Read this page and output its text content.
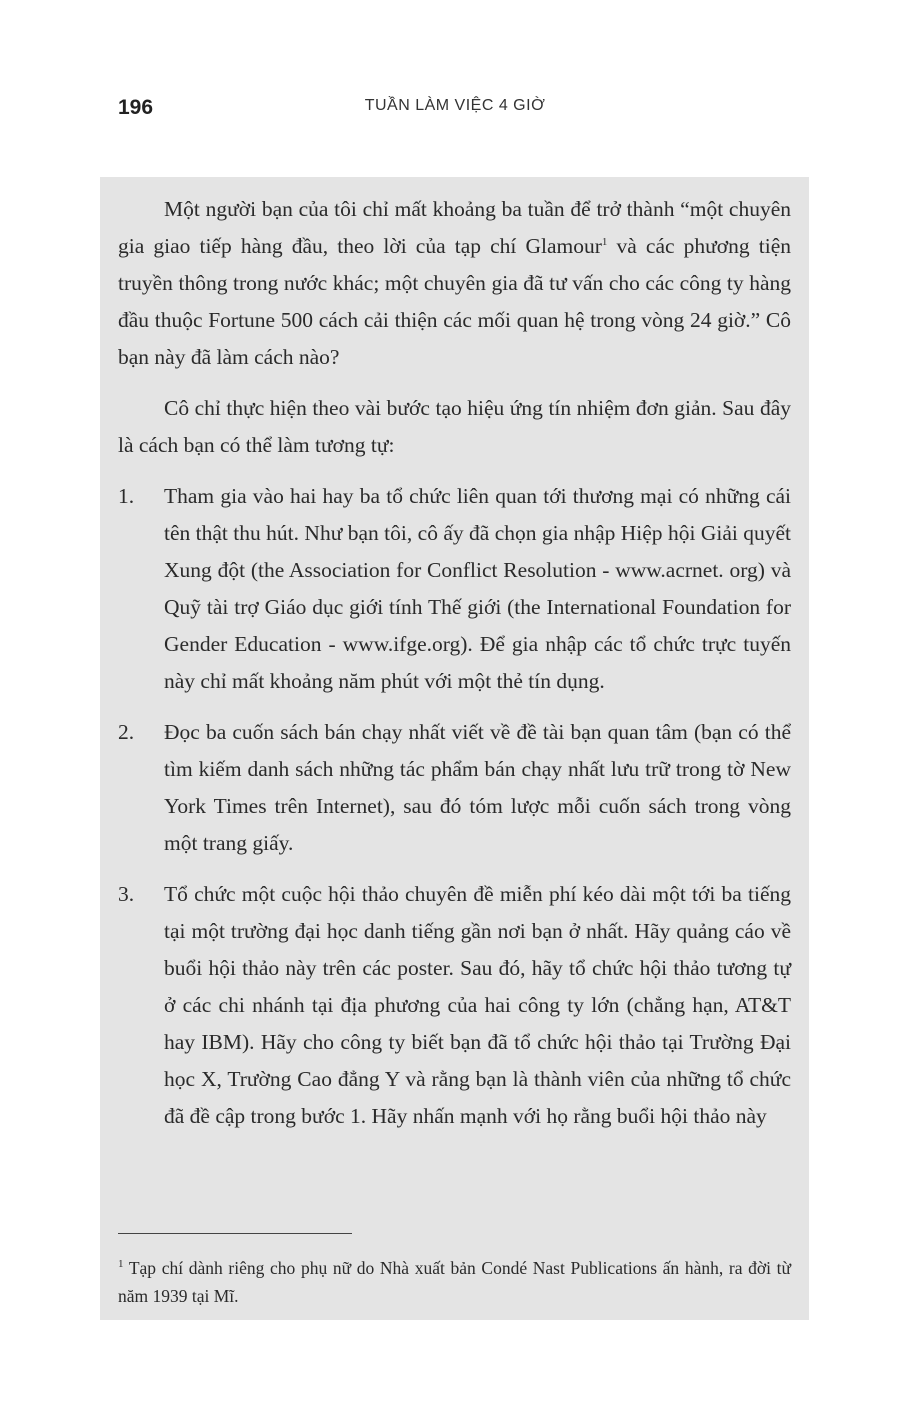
196	TUẦN LÀM VIỆC 4 GIỜ

Một người bạn của tôi chỉ mất khoảng ba tuần để trở thành “một chuyên gia giao tiếp hàng đầu, theo lời của tạp chí Glamour$^1$ và các phương tiện truyền thông trong nước khác; một chuyên gia đã tư vấn cho các công ty hàng đầu thuộc Fortune 500 cách cải thiện các mối quan hệ trong vòng 24 giờ.” Cô bạn này đã làm cách nào?

Cô chỉ thực hiện theo vài bước tạo hiệu ứng tín nhiệm đơn giản. Sau đây là cách bạn có thể làm tương tự:

1.	Tham gia vào hai hay ba tổ chức liên quan tới thương mại có những cái tên thật thu hút. Như bạn tôi, cô ấy đã chọn gia nhập Hiệp hội Giải quyết Xung đột (the Association for Conflict Resolution - www.acrnet. org) và Quỹ tài trợ Giáo dục giới tính Thế giới (the International Foundation for Gender Education - www.ifge.org). Để gia nhập các tổ chức trực tuyến này chỉ mất khoảng năm phút với một thẻ tín dụng.
2.	Đọc ba cuốn sách bán chạy nhất viết về đề tài bạn quan tâm (bạn có thể tìm kiếm danh sách những tác phẩm bán chạy nhất lưu trữ trong tờ New York Times trên Internet), sau đó tóm lược mỗi cuốn sách trong vòng một trang giấy.
3.	Tổ chức một cuộc hội thảo chuyên đề miễn phí kéo dài một tới ba tiếng tại một trường đại học danh tiếng gần nơi bạn ở nhất. Hãy quảng cáo về buổi hội thảo này trên các poster. Sau đó, hãy tổ chức hội thảo tương tự ở các chi nhánh tại địa phương của hai công ty lớn (chẳng hạn, AT&T hay IBM). Hãy cho công ty biết bạn đã tổ chức hội thảo tại Trường Đại học X, Trường Cao đẳng Y và rằng bạn là thành viên của những tổ chức đã đề cập trong bước 1. Hãy nhấn mạnh với họ rằng buổi hội thảo này
$^1$ Tạp chí dành riêng cho phụ nữ do Nhà xuất bản Condé Nast Publications ấn hành, ra đời từ năm 1939 tại Mĩ.
